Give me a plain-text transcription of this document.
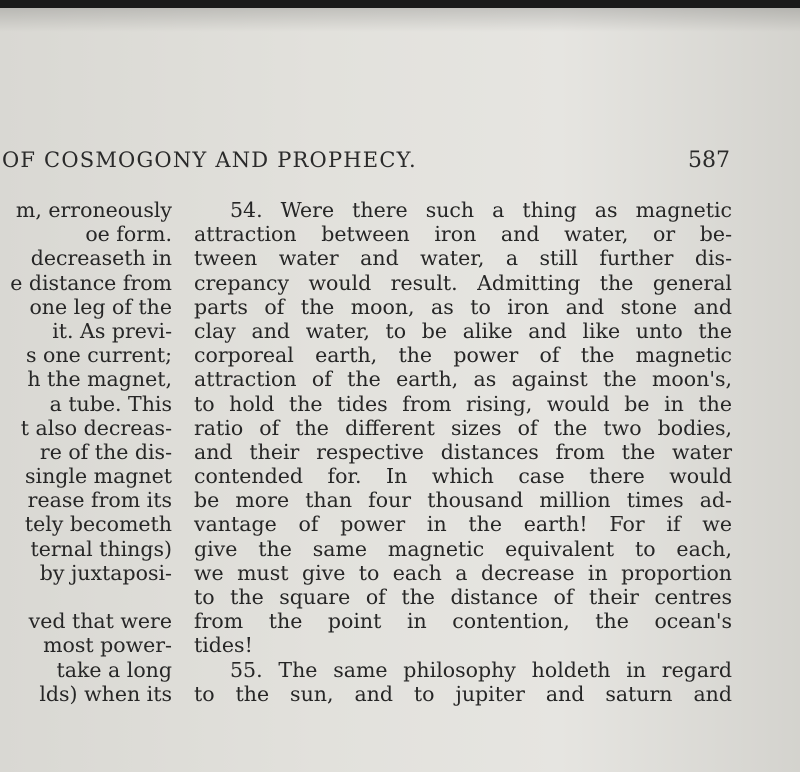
OF COSMOGONY AND PROPHECY.	587
m, erroneously
oe form.
decreaseth in
e distance from
one leg of the
it. As previ-
s one current;
h the magnet,
a tube. This
t also decreas-
re of the dis-
single magnet
rease from its
tely becometh
ternal things)
by juxtaposi-
ved that were
most power-
take a long
lds) when its
54. Were there such a thing as magnetic
attraction between iron and water, or be-
tween water and water, a still further dis-
crepancy would result. Admitting the general
parts of the moon, as to iron and stone and
clay and water, to be alike and like unto the
corporeal earth, the power of the magnetic
attraction of the earth, as against the moon's,
to hold the tides from rising, would be in the
ratio of the different sizes of the two bodies,
and their respective distances from the water
contended for. In which case there would
be more than four thousand million times ad-
vantage of power in the earth! For if we
give the same magnetic equivalent to each,
we must give to each a decrease in proportion
to the square of the distance of their centres
from the point in contention, the ocean's
tides!
55. The same philosophy holdeth in regard
to the sun, and to jupiter and saturn and
